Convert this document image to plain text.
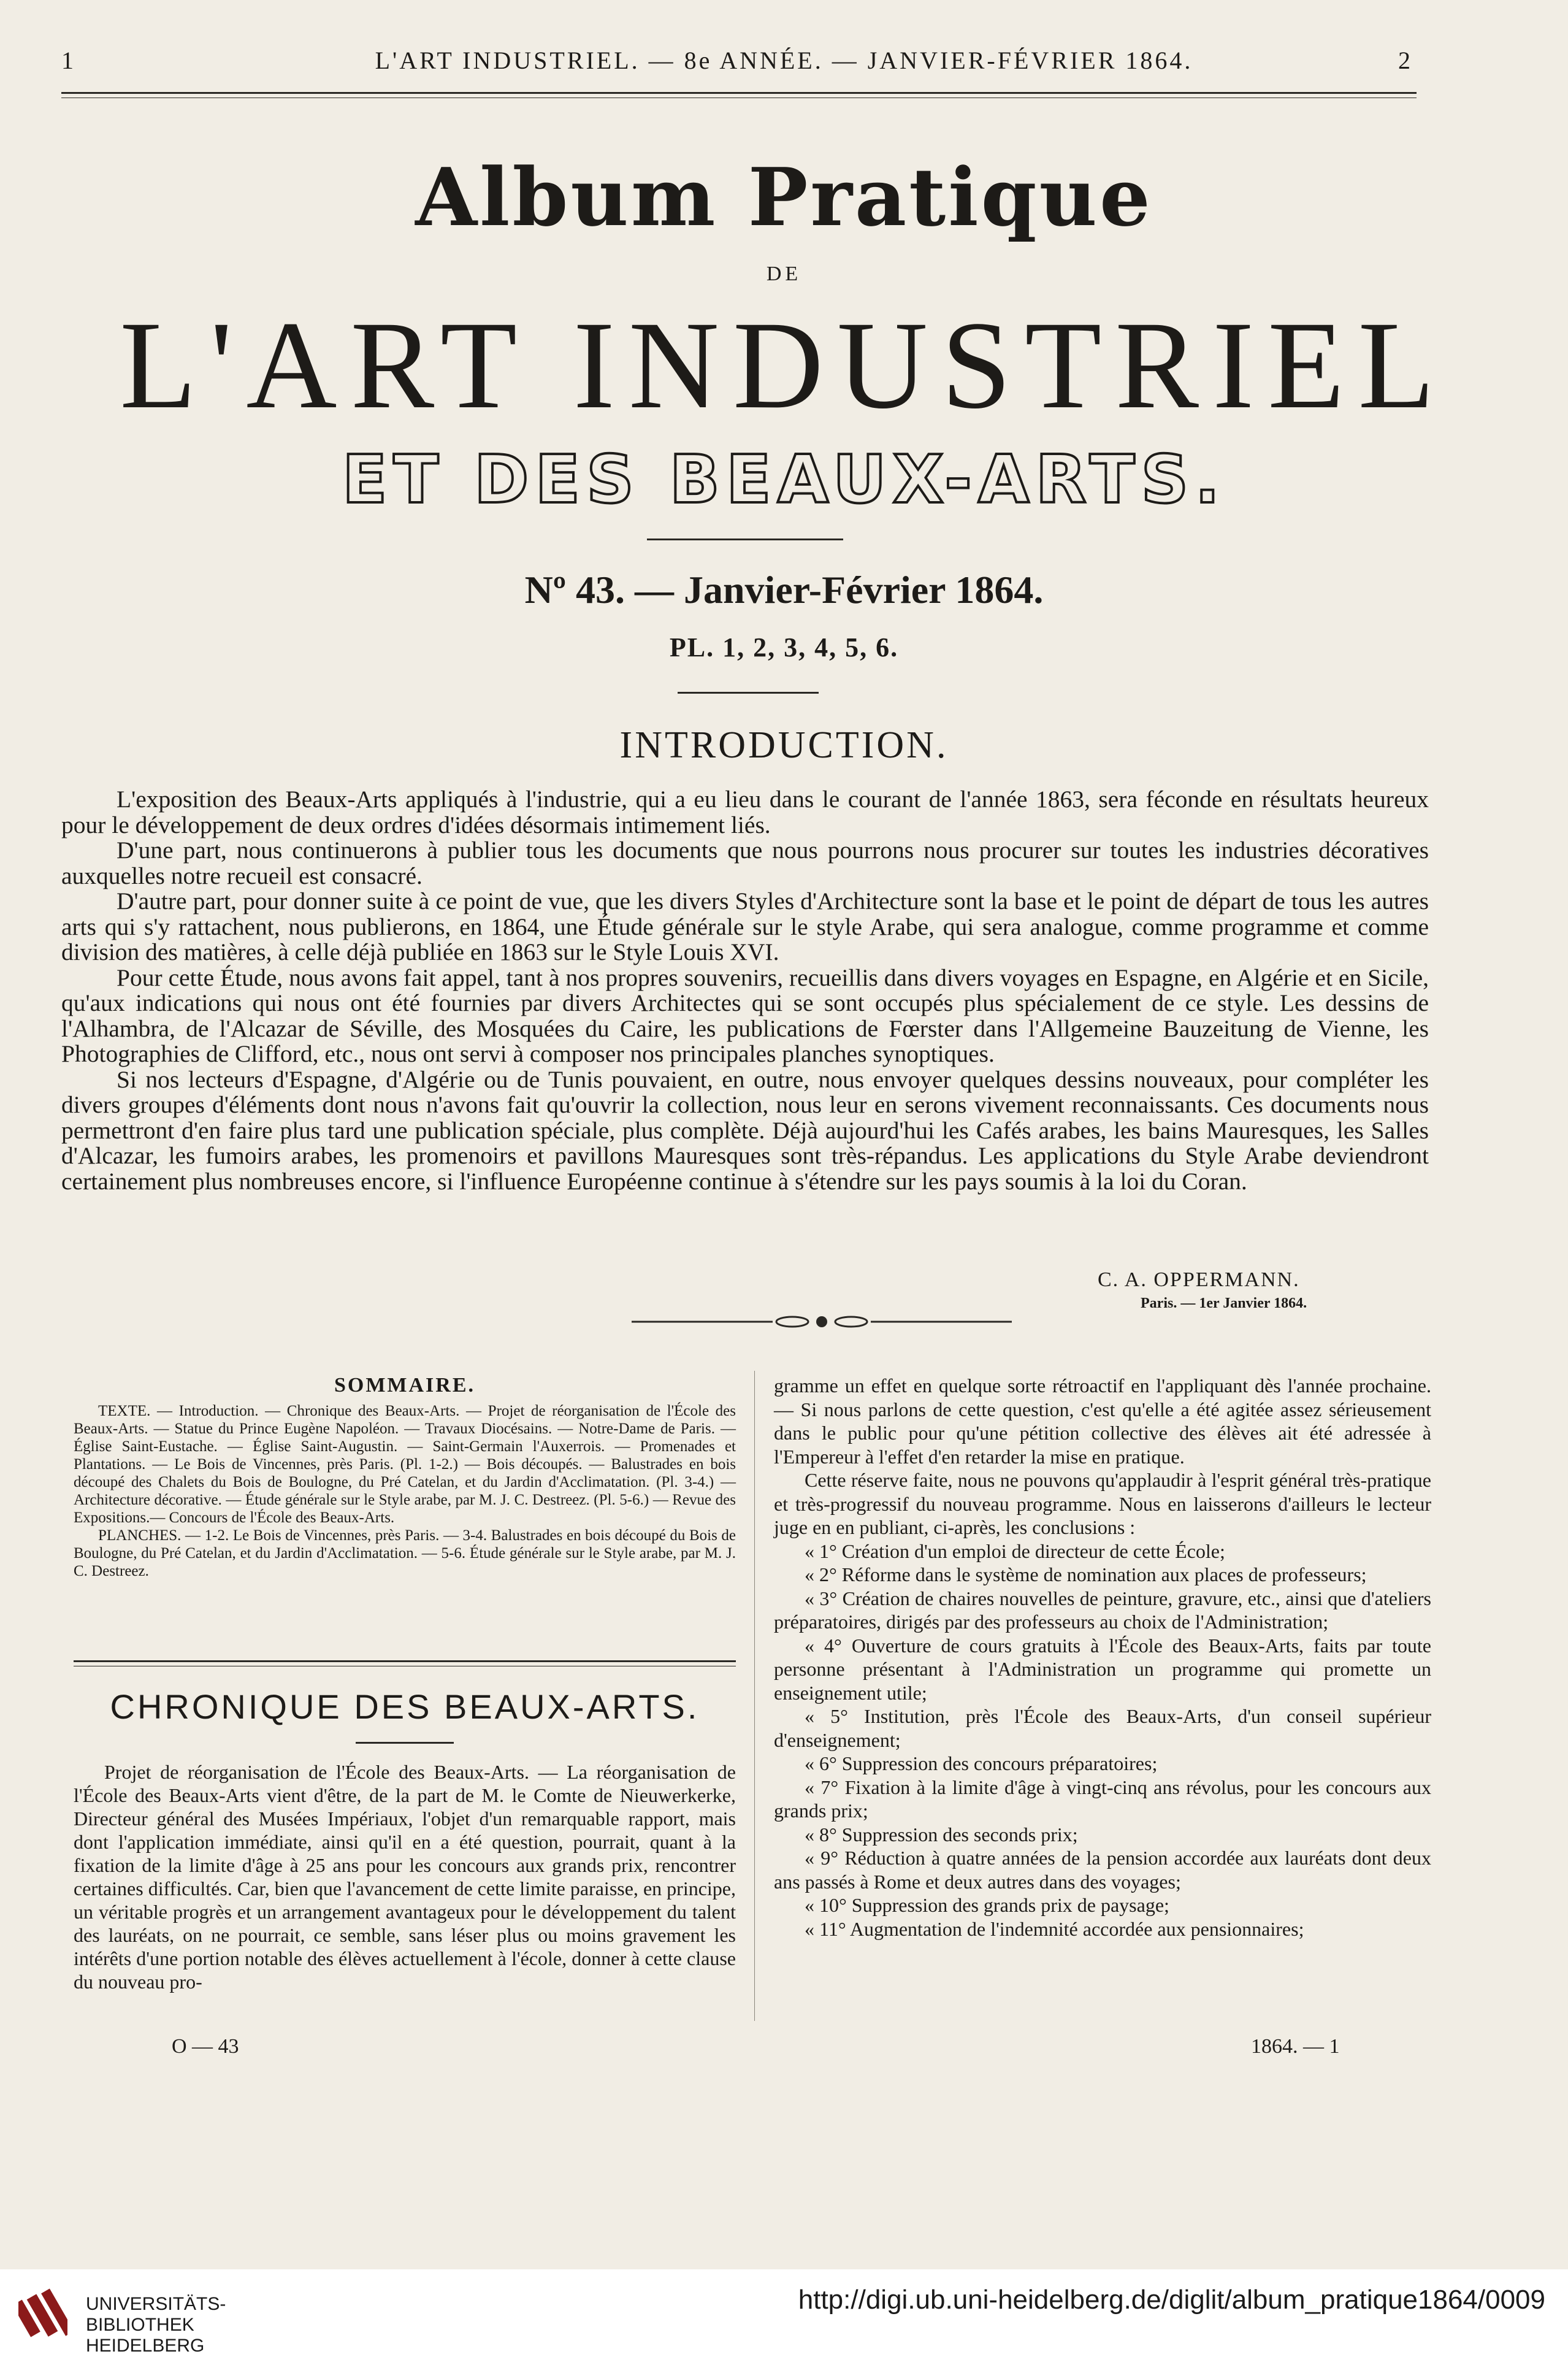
1	L'ART INDUSTRIEL. — 8e ANNÉE. — JANVIER-FÉVRIER 1864.	2
Album Pratique
DE
L'ART INDUSTRIEL
ET DES BEAUX-ARTS.
Nº 43. — Janvier-Février 1864.
PL. 1, 2, 3, 4, 5, 6.
INTRODUCTION.

L'exposition des Beaux-Arts appliqués à l'industrie, qui a eu lieu dans le courant de l'année 1863, sera féconde en résultats heureux pour le développement de deux ordres d'idées désormais intimement liés.

D'une part, nous continuerons à publier tous les documents que nous pourrons nous procurer sur toutes les industries décoratives auxquelles notre recueil est consacré.

D'autre part, pour donner suite à ce point de vue, que les divers Styles d'Architecture sont la base et le point de départ de tous les autres arts qui s'y rattachent, nous publierons, en 1864, une Étude générale sur le style Arabe, qui sera analogue, comme programme et comme division des matières, à celle déjà publiée en 1863 sur le Style Louis XVI.

Pour cette Étude, nous avons fait appel, tant à nos propres souvenirs, recueillis dans divers voyages en Espagne, en Algérie et en Sicile, qu'aux indications qui nous ont été fournies par divers Architectes qui se sont occupés plus spécialement de ce style. Les dessins de l'Alhambra, de l'Alcazar de Séville, des Mosquées du Caire, les publications de Fœrster dans l'Allgemeine Bauzeitung de Vienne, les Photographies de Clifford, etc., nous ont servi à composer nos principales planches synoptiques.

Si nos lecteurs d'Espagne, d'Algérie ou de Tunis pouvaient, en outre, nous envoyer quelques dessins nouveaux, pour compléter les divers groupes d'éléments dont nous n'avons fait qu'ouvrir la collection, nous leur en serons vivement reconnaissants. Ces documents nous permettront d'en faire plus tard une publication spéciale, plus complète. Déjà aujourd'hui les Cafés arabes, les bains Mauresques, les Salles d'Alcazar, les fumoirs arabes, les promenoirs et pavillons Mauresques sont très-répandus. Les applications du Style Arabe deviendront certainement plus nombreuses encore, si l'influence Européenne continue à s'étendre sur les pays soumis à la loi du Coran.

C. A. OPPERMANN.
Paris. — 1er Janvier 1864.
SOMMAIRE.

TEXTE. — Introduction. — Chronique des Beaux-Arts. — Projet de réorganisation de l'École des Beaux-Arts. — Statue du Prince Eugène Napoléon. — Travaux Diocésains. — Notre-Dame de Paris. — Église Saint-Eustache. — Église Saint-Augustin. — Saint-Germain l'Auxerrois. — Promenades et Plantations. — Le Bois de Vincennes, près Paris. (Pl. 1-2.) — Bois découpés. — Balustrades en bois découpé des Chalets du Bois de Boulogne, du Pré Catelan, et du Jardin d'Acclimatation. (Pl. 3-4.) — Architecture décorative. — Étude générale sur le Style arabe, par M. J. C. Destreez. (Pl. 5-6.) — Revue des Expositions.— Concours de l'École des Beaux-Arts.

PLANCHES. — 1-2. Le Bois de Vincennes, près Paris. — 3-4. Balustrades en bois découpé du Bois de Boulogne, du Pré Catelan, et du Jardin d'Acclimatation. — 5-6. Étude générale sur le Style arabe, par M. J. C. Destreez.

CHRONIQUE DES BEAUX-ARTS.

Projet de réorganisation de l'École des Beaux-Arts. — La réorganisation de l'École des Beaux-Arts vient d'être, de la part de M. le Comte de Nieuwerkerke, Directeur général des Musées Impériaux, l'objet d'un remarquable rapport, mais dont l'application immédiate, ainsi qu'il en a été question, pourrait, quant à la fixation de la limite d'âge à 25 ans pour les concours aux grands prix, rencontrer certaines difficultés. Car, bien que l'avancement de cette limite paraisse, en principe, un véritable progrès et un arrangement avantageux pour le développement du talent des lauréats, on ne pourrait, ce semble, sans léser plus ou moins gravement les intérêts d'une portion notable des élèves actuellement à l'école, donner à cette clause du nouveau pro-

O — 43

gramme un effet en quelque sorte rétroactif en l'appliquant dès l'année prochaine. — Si nous parlons de cette question, c'est qu'elle a été agitée assez sérieusement dans le public pour qu'une pétition collective des élèves ait été adressée à l'Empereur à l'effet d'en retarder la mise en pratique.

Cette réserve faite, nous ne pouvons qu'applaudir à l'esprit général très-pratique et très-progressif du nouveau programme. Nous en laisserons d'ailleurs le lecteur juge en en publiant, ci-après, les conclusions :

« 1° Création d'un emploi de directeur de cette École;

« 2° Réforme dans le système de nomination aux places de professeurs;

« 3° Création de chaires nouvelles de peinture, gravure, etc., ainsi que d'ateliers préparatoires, dirigés par des professeurs au choix de l'Administration;

« 4° Ouverture de cours gratuits à l'École des Beaux-Arts, faits par toute personne présentant à l'Administration un programme qui promette un enseignement utile;

« 5° Institution, près l'École des Beaux-Arts, d'un conseil supérieur d'enseignement;

« 6° Suppression des concours préparatoires;

« 7° Fixation à la limite d'âge à vingt-cinq ans révolus, pour les concours aux grands prix;

« 8° Suppression des seconds prix;

« 9° Réduction à quatre années de la pension accordée aux lauréats dont deux ans passés à Rome et deux autres dans des voyages;

« 10° Suppression des grands prix de paysage;

« 11° Augmentation de l'indemnité accordée aux pensionnaires;

1864. — 1
UNIVERSITÄTS-
BIBLIOTHEK
HEIDELBERG
http://digi.ub.uni-heidelberg.de/diglit/album_pratique1864/0009
